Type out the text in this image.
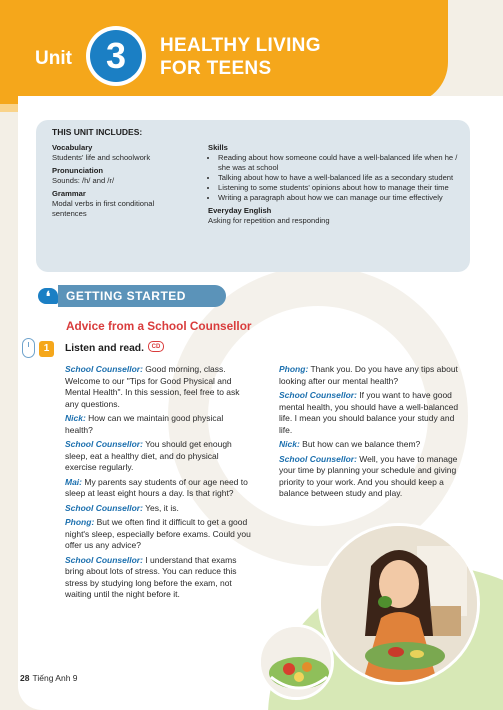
Unit 3	HEALTHY LIVING
FOR TEENS
THIS UNIT INCLUDES:
Vocabulary
Students' life and schoolwork
Pronunciation
Sounds: /h/ and /r/
Grammar
Modal verbs in first conditional sentences
Skills
• Reading about how someone could have a well-balanced life when he / she was at school
• Talking about how to have a well-balanced life as a secondary student
• Listening to some students' opinions about how to manage their time
• Writing a paragraph about how we can manage our time effectively
Everyday English
Asking for repetition and responding
❛	GETTING STARTED
Advice from a School Counsellor
1	Listen and read.	CD

School Counsellor: Good morning, class. Welcome to our "Tips for Good Physical and Mental Health". In this session, feel free to ask any questions.

Nick: How can we maintain good physical health?

School Counsellor: You should get enough sleep, eat a healthy diet, and do physical exercise regularly.

Mai: My parents say students of our age need to sleep at least eight hours a day. Is that right?

School Counsellor: Yes, it is.

Phong: But we often find it difficult to get a good night's sleep, especially before exams. Could you offer us any advice?

School Counsellor: I understand that exams bring about lots of stress. You can reduce this stress by studying long before the exam, not waiting until the night before it.

Phong: Thank you. Do you have any tips about looking after our mental health?

School Counsellor: If you want to have good mental health, you should have a well-balanced life. I mean you should balance your study and life.

Nick: But how can we balance them?

School Counsellor: Well, you have to manage your time by planning your schedule and giving priority to your work. And you should keep a balance between study and play.

28 Tiếng Anh 9
